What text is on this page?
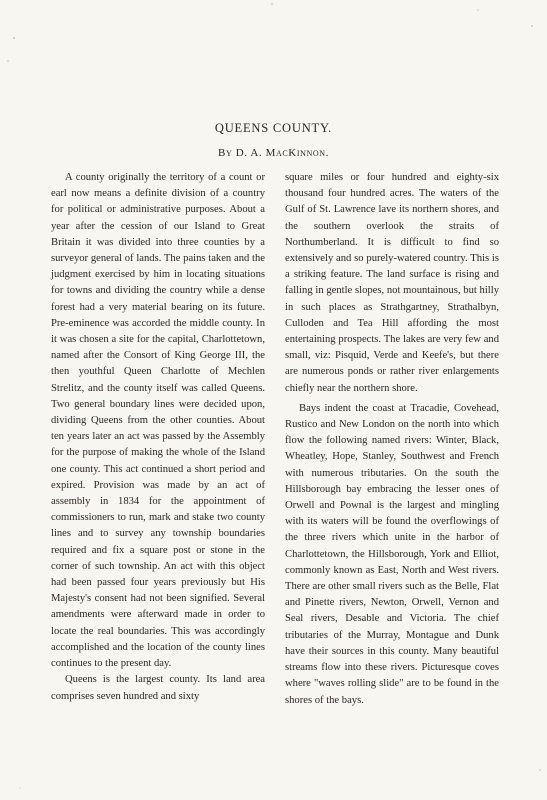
QUEENS COUNTY.
By D. A. MacKinnon.

A county originally the territory of a count or earl now means a definite division of a country for political or administrative purposes. About a year after the cession of our Island to Great Britain it was divided into three counties by a surveyor general of lands. The pains taken and the judgment exercised by him in locating situations for towns and dividing the country while a dense forest had a very material bearing on its future. Pre-eminence was accorded the middle county. In it was chosen a site for the capital, Charlottetown, named after the Consort of King George III, the then youthful Queen Charlotte of Mechlen Strelitz, and the county itself was called Queens. Two general boundary lines were decided upon, dividing Queens from the other counties. About ten years later an act was passed by the Assembly for the purpose of making the whole of the Island one county. This act continued a short period and expired. Provision was made by an act of assembly in 1834 for the appointment of commissioners to run, mark and stake two county lines and to survey any township boundaries required and fix a square post or stone in the corner of such township. An act with this object had been passed four years previously but His Majesty's consent had not been signified. Several amendments were afterward made in order to locate the real boundaries. This was accordingly accomplished and the location of the county lines continues to the present day.

Queens is the largest county. Its land area comprises seven hundred and sixty

square miles or four hundred and eighty-six thousand four hundred acres. The waters of the Gulf of St. Lawrence lave its northern shores, and the southern overlook the straits of Northumberland. It is difficult to find so extensively and so purely-watered country. This is a striking feature. The land surface is rising and falling in gentle slopes, not mountainous, but hilly in such places as Strathgartney, Strathalbyn, Culloden and Tea Hill affording the most entertaining prospects. The lakes are very few and small, viz: Pisquid, Verde and Keefe's, but there are numerous ponds or rather river enlargements chiefly near the northern shore.

Bays indent the coast at Tracadie, Covehead, Rustico and New London on the north into which flow the following named rivers: Winter, Black, Wheatley, Hope, Stanley, Southwest and French with numerous tributaries. On the south the Hillsborough bay embracing the lesser ones of Orwell and Pownal is the largest and mingling with its waters will be found the overflowings of the three rivers which unite in the harbor of Charlottetown, the Hillsborough, York and Elliot, commonly known as East, North and West rivers. There are other small rivers such as the Belle, Flat and Pinette rivers, Newton, Orwell, Vernon and Seal rivers, Desable and Victoria. The chief tributaries of the Murray, Montague and Dunk have their sources in this county. Many beautiful streams flow into these rivers. Picturesque coves where "waves rolling slide" are to be found in the shores of the bays.
